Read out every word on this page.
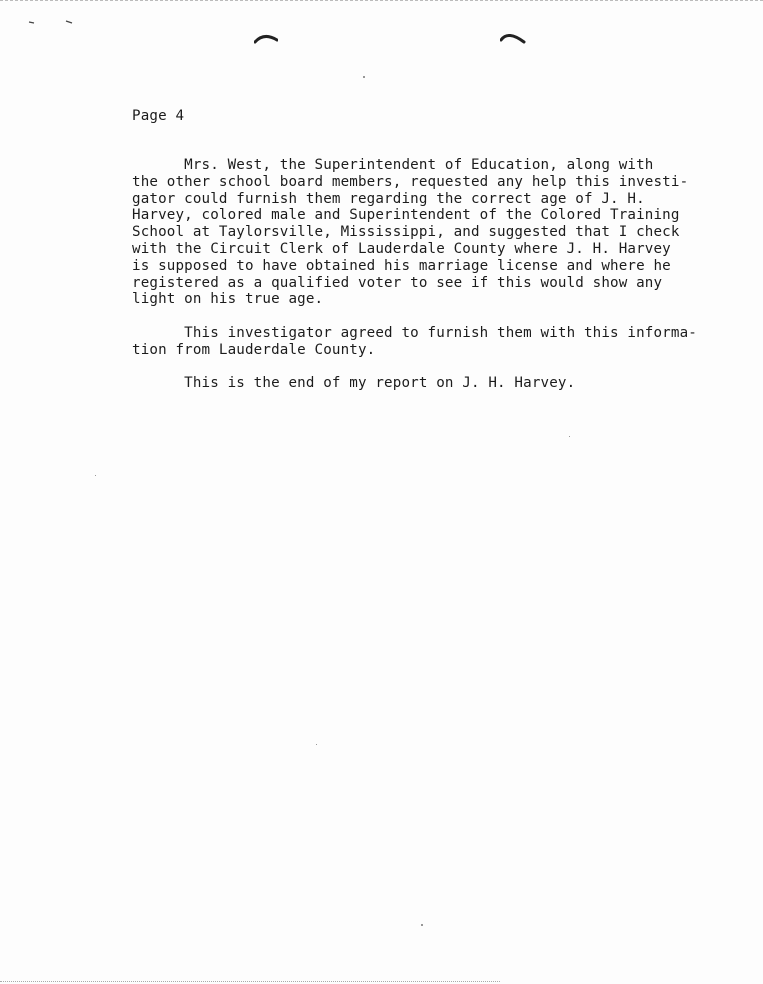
Page 4
Mrs. West, the Superintendent of Education, along with
the other school board members, requested any help this investi-
gator could furnish them regarding the correct age of J. H.
Harvey, colored male and Superintendent of the Colored Training
School at Taylorsville, Mississippi, and suggested that I check
with the Circuit Clerk of Lauderdale County where J. H. Harvey
is supposed to have obtained his marriage license and where he
registered as a qualified voter to see if this would show any
light on his true age.
This investigator agreed to furnish them with this informa-
tion from Lauderdale County.
This is the end of my report on J. H. Harvey.
